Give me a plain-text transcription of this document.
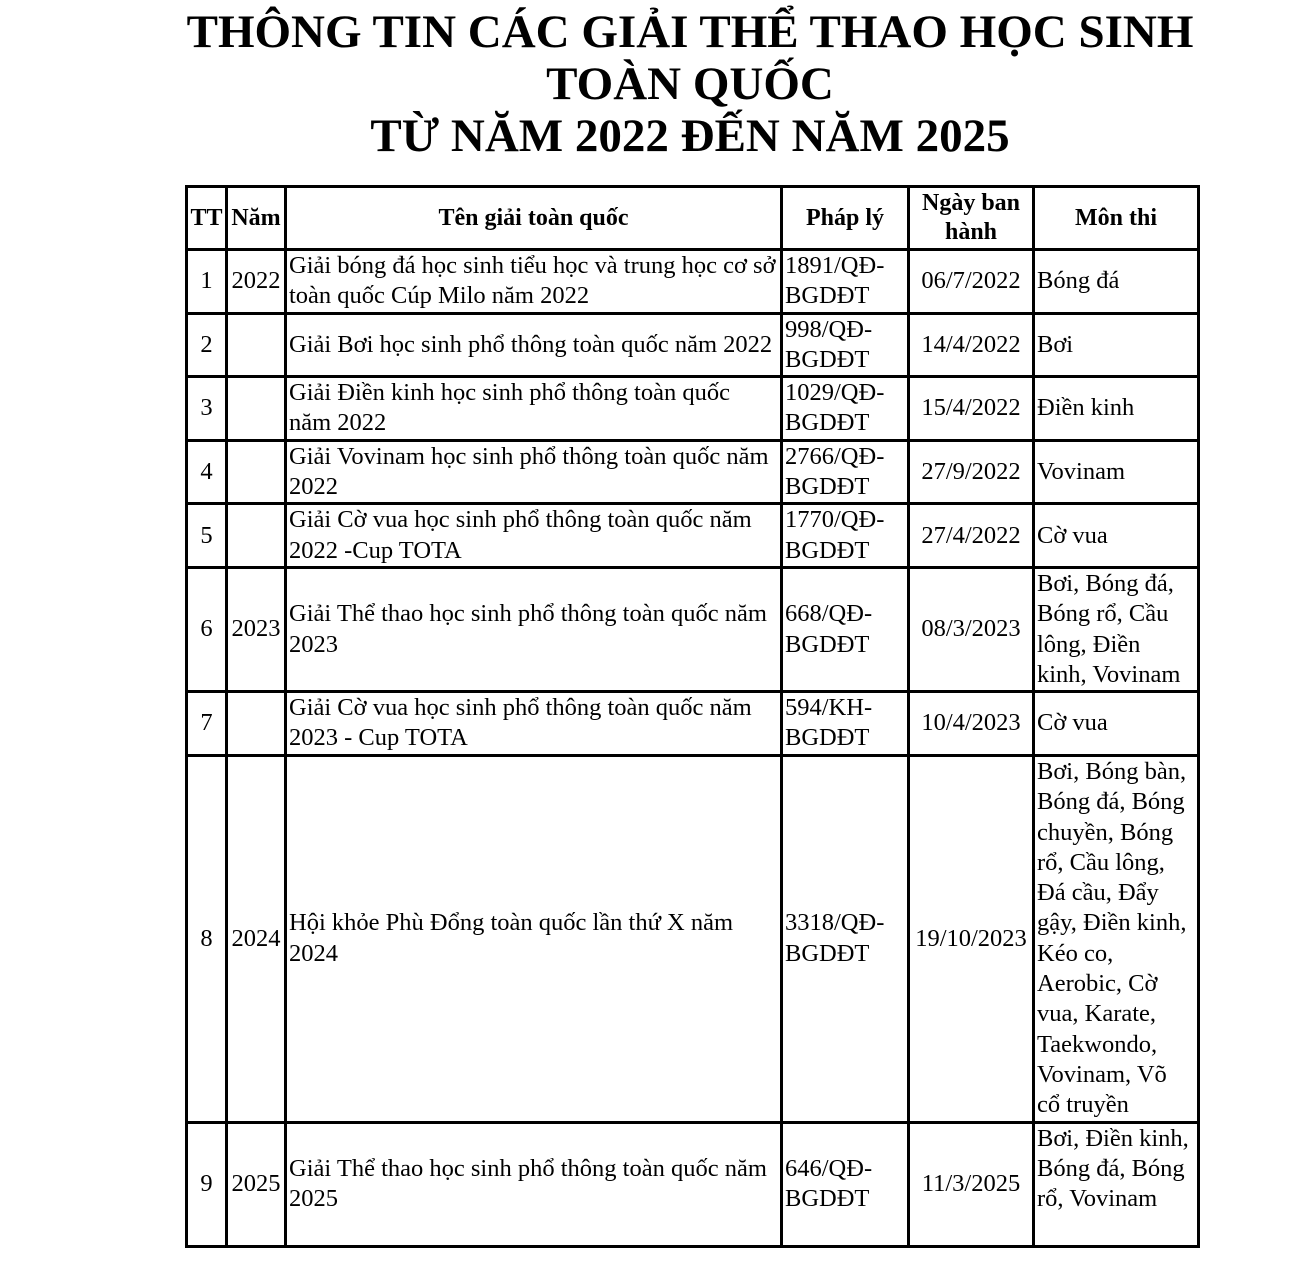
THÔNG TIN CÁC GIẢI THỂ THAO HỌC SINH
TOÀN QUỐC
TỪ NĂM 2022 ĐẾN NĂM 2025
TT	Năm	Tên giải toàn quốc	Pháp lý	Ngày ban hành	Môn thi
1	2022	Giải bóng đá học sinh tiểu học và trung học cơ sở toàn quốc Cúp Milo năm 2022	1891/QĐ-BGDĐT	06/7/2022	Bóng đá
2		Giải Bơi học sinh phổ thông toàn quốc năm 2022	998/QĐ-BGDĐT	14/4/2022	Bơi
3		Giải Điền kinh học sinh phổ thông toàn quốc năm 2022	1029/QĐ-BGDĐT	15/4/2022	Điền kinh
4		Giải Vovinam học sinh phổ thông toàn quốc năm 2022	2766/QĐ-BGDĐT	27/9/2022	Vovinam
5		Giải Cờ vua học sinh phổ thông toàn quốc năm 2022 -Cup TOTA	1770/QĐ-BGDĐT	27/4/2022	Cờ vua
6	2023	Giải Thể thao học sinh phổ thông toàn quốc năm 2023	668/QĐ-BGDĐT	08/3/2023	Bơi, Bóng đá, Bóng rổ, Cầu lông, Điền kinh, Vovinam
7		Giải Cờ vua học sinh phổ thông toàn quốc năm 2023 - Cup TOTA	594/KH-BGDĐT	10/4/2023	Cờ vua
8	2024	Hội khỏe Phù Đổng toàn quốc lần thứ X năm 2024	3318/QĐ-BGDĐT	19/10/2023	Bơi, Bóng bàn, Bóng đá, Bóng chuyền, Bóng rổ, Cầu lông, Đá cầu, Đẩy gậy, Điền kinh, Kéo co, Aerobic, Cờ vua, Karate, Taekwondo, Vovinam, Võ cổ truyền
9	2025	Giải Thể thao học sinh phổ thông toàn quốc năm 2025	646/QĐ-BGDĐT	11/3/2025	Bơi, Điền kinh, Bóng đá, Bóng rổ, Vovinam
